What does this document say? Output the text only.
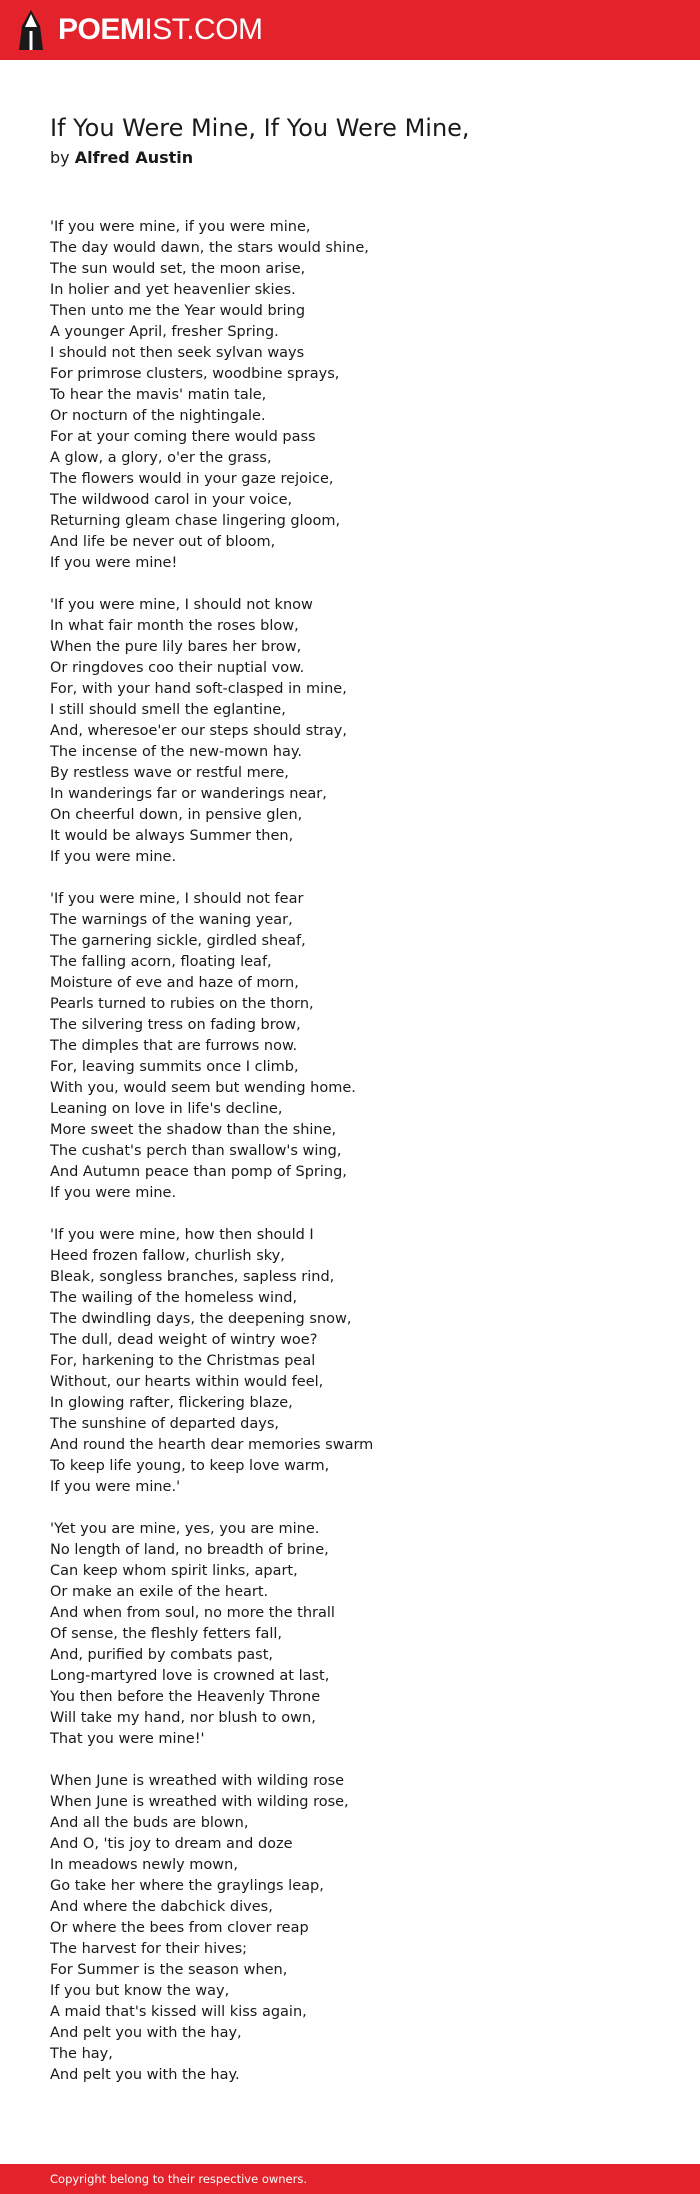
POEMIST.COM
If You Were Mine, If You Were Mine,
by Alfred Austin
'If you were mine, if you were mine,
The day would dawn, the stars would shine,
The sun would set, the moon arise,
In holier and yet heavenlier skies.
Then unto me the Year would bring
A younger April, fresher Spring.
I should not then seek sylvan ways
For primrose clusters, woodbine sprays,
To hear the mavis' matin tale,
Or nocturn of the nightingale.
For at your coming there would pass
A glow, a glory, o'er the grass,
The flowers would in your gaze rejoice,
The wildwood carol in your voice,
Returning gleam chase lingering gloom,
And life be never out of bloom,
If you were mine!
'If you were mine, I should not know
In what fair month the roses blow,
When the pure lily bares her brow,
Or ringdoves coo their nuptial vow.
For, with your hand soft-clasped in mine,
I still should smell the eglantine,
And, wheresoe'er our steps should stray,
The incense of the new-mown hay.
By restless wave or restful mere,
In wanderings far or wanderings near,
On cheerful down, in pensive glen,
It would be always Summer then,
If you were mine.
'If you were mine, I should not fear
The warnings of the waning year,
The garnering sickle, girdled sheaf,
The falling acorn, floating leaf,
Moisture of eve and haze of morn,
Pearls turned to rubies on the thorn,
The silvering tress on fading brow,
The dimples that are furrows now.
For, leaving summits once I climb,
With you, would seem but wending home.
Leaning on love in life's decline,
More sweet the shadow than the shine,
The cushat's perch than swallow's wing,
And Autumn peace than pomp of Spring,
If you were mine.
'If you were mine, how then should I
Heed frozen fallow, churlish sky,
Bleak, songless branches, sapless rind,
The wailing of the homeless wind,
The dwindling days, the deepening snow,
The dull, dead weight of wintry woe?
For, harkening to the Christmas peal
Without, our hearts within would feel,
In glowing rafter, flickering blaze,
The sunshine of departed days,
And round the hearth dear memories swarm
To keep life young, to keep love warm,
If you were mine.'
'Yet you are mine, yes, you are mine.
No length of land, no breadth of brine,
Can keep whom spirit links, apart,
Or make an exile of the heart.
And when from soul, no more the thrall
Of sense, the fleshly fetters fall,
And, purified by combats past,
Long-martyred love is crowned at last,
You then before the Heavenly Throne
Will take my hand, nor blush to own,
That you were mine!'
When June is wreathed with wilding rose
When June is wreathed with wilding rose,
And all the buds are blown,
And O, 'tis joy to dream and doze
In meadows newly mown,
Go take her where the graylings leap,
And where the dabchick dives,
Or where the bees from clover reap
The harvest for their hives;
For Summer is the season when,
If you but know the way,
A maid that's kissed will kiss again,
And pelt you with the hay,
The hay,
And pelt you with the hay.
Copyright belong to their respective owners.
